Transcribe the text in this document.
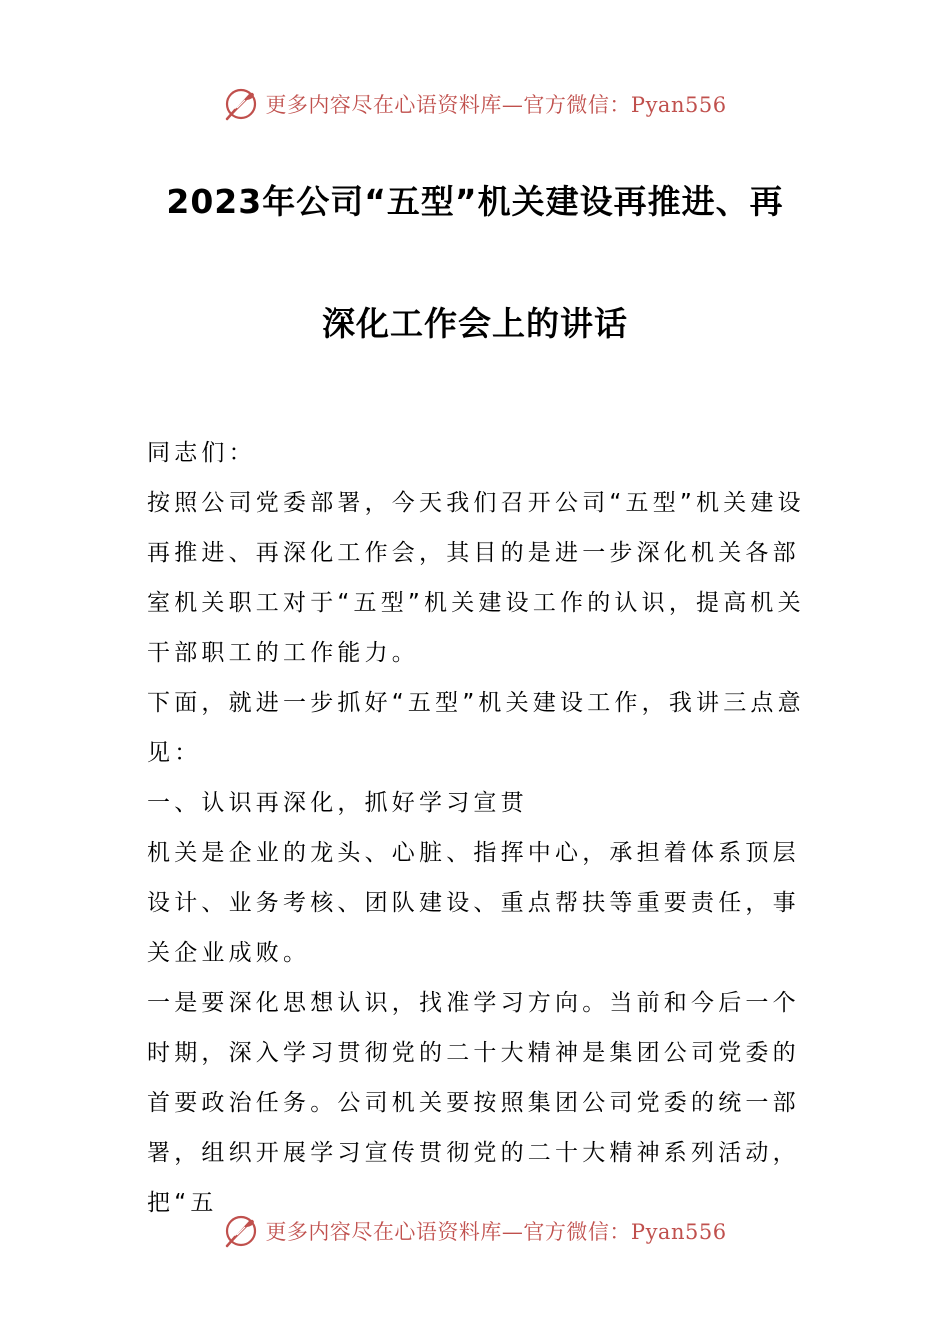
更多内容尽在心语资料库—官方微信：Pyan556
2023年公司“五型”机关建设再推进、再
深化工作会上的讲话

同志们：

按照公司党委部署，今天我们召开公司“五型”机关建设再推进、再深化工作会，其目的是进一步深化机关各部室机关职工对于“五型”机关建设工作的认识，提高机关干部职工的工作能力。

下面，就进一步抓好“五型”机关建设工作，我讲三点意见：

一、认识再深化，抓好学习宣贯

机关是企业的龙头、心脏、指挥中心，承担着体系顶层设计、业务考核、团队建设、重点帮扶等重要责任，事关企业成败。

一是要深化思想认识，找准学习方向。当前和今后一个时期，深入学习贯彻党的二十大精神是集团公司党委的首要政治任务。公司机关要按照集团公司党委的统一部署，组织开展学习宣传贯彻党的二十大精神系列活动，把“五

更多内容尽在心语资料库—官方微信：Pyan556
